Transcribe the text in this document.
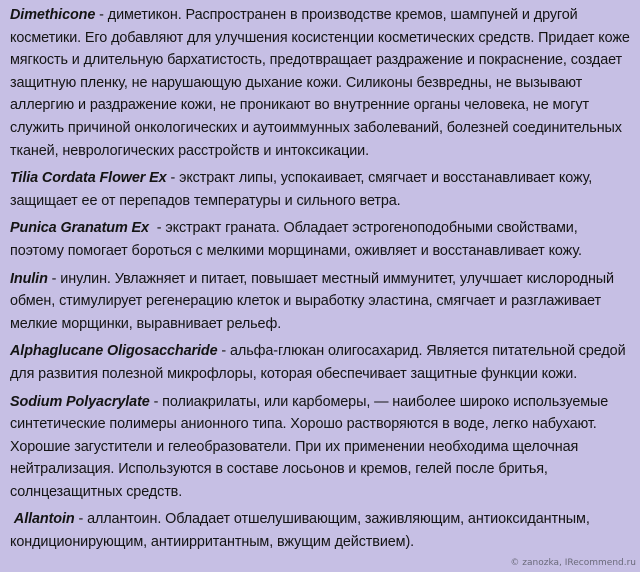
Dimethicone - диметикон. Распространен в производстве кремов, шампуней и другой косметики. Его добавляют для улучшения косистенции косметических средств. Придает коже мягкость и длительную бархатистость, предотвращает раздражение и покраснение, создает защитную пленку, не нарушающую дыхание кожи. Силиконы безвредны, не вызывают аллергию и раздражение кожи, не проникают во внутренние органы человека, не могут служить причиной онкологических и аутоиммунных заболеваний, болезней соединительных тканей, неврологических расстройств и интоксикации.

Tilia Cordata Flower Ex - экстракт липы, успокаивает, смягчает и восстанавливает кожу, защищает ее от перепадов температуры и сильного ветра.

Punica Granatum Ex  - экстракт граната. Обладает эстрогеноподобными свойствами, поэтому помогает бороться с мелкими морщинами, оживляет и восстанавливает кожу.

Inulin - инулин. Увлажняет и питает, повышает местный иммунитет, улучшает кислородный обмен, стимулирует регенерацию клеток и выработку эластина, смягчает и разглаживает мелкие морщинки, выравнивает рельеф.

Alphaglucane Oligosaccharide - альфа-глюкан олигосахарид. Является питательной средой для развития полезной микрофлоры, которая обеспечивает защитные функции кожи.

Sodium Polyacrylate - полиакрилаты, или карбомеры, — наиболее широко используемые синтетические полимеры анионного типа. Хорошо растворяются в воде, легко набухают. Хорошие загустители и гелеобразователи. При их применении необходима щелочная нейтрализация. Используются в составе лосьонов и кремов, гелей после бритья, солнцезащитных средств.

Allantoin - аллантоин. Обладает отшелушивающим, заживляющим, антиоксидантным, кондиционирующим, антиирритантным, вжущим действием).

© zanozka, IRecommend.ru
